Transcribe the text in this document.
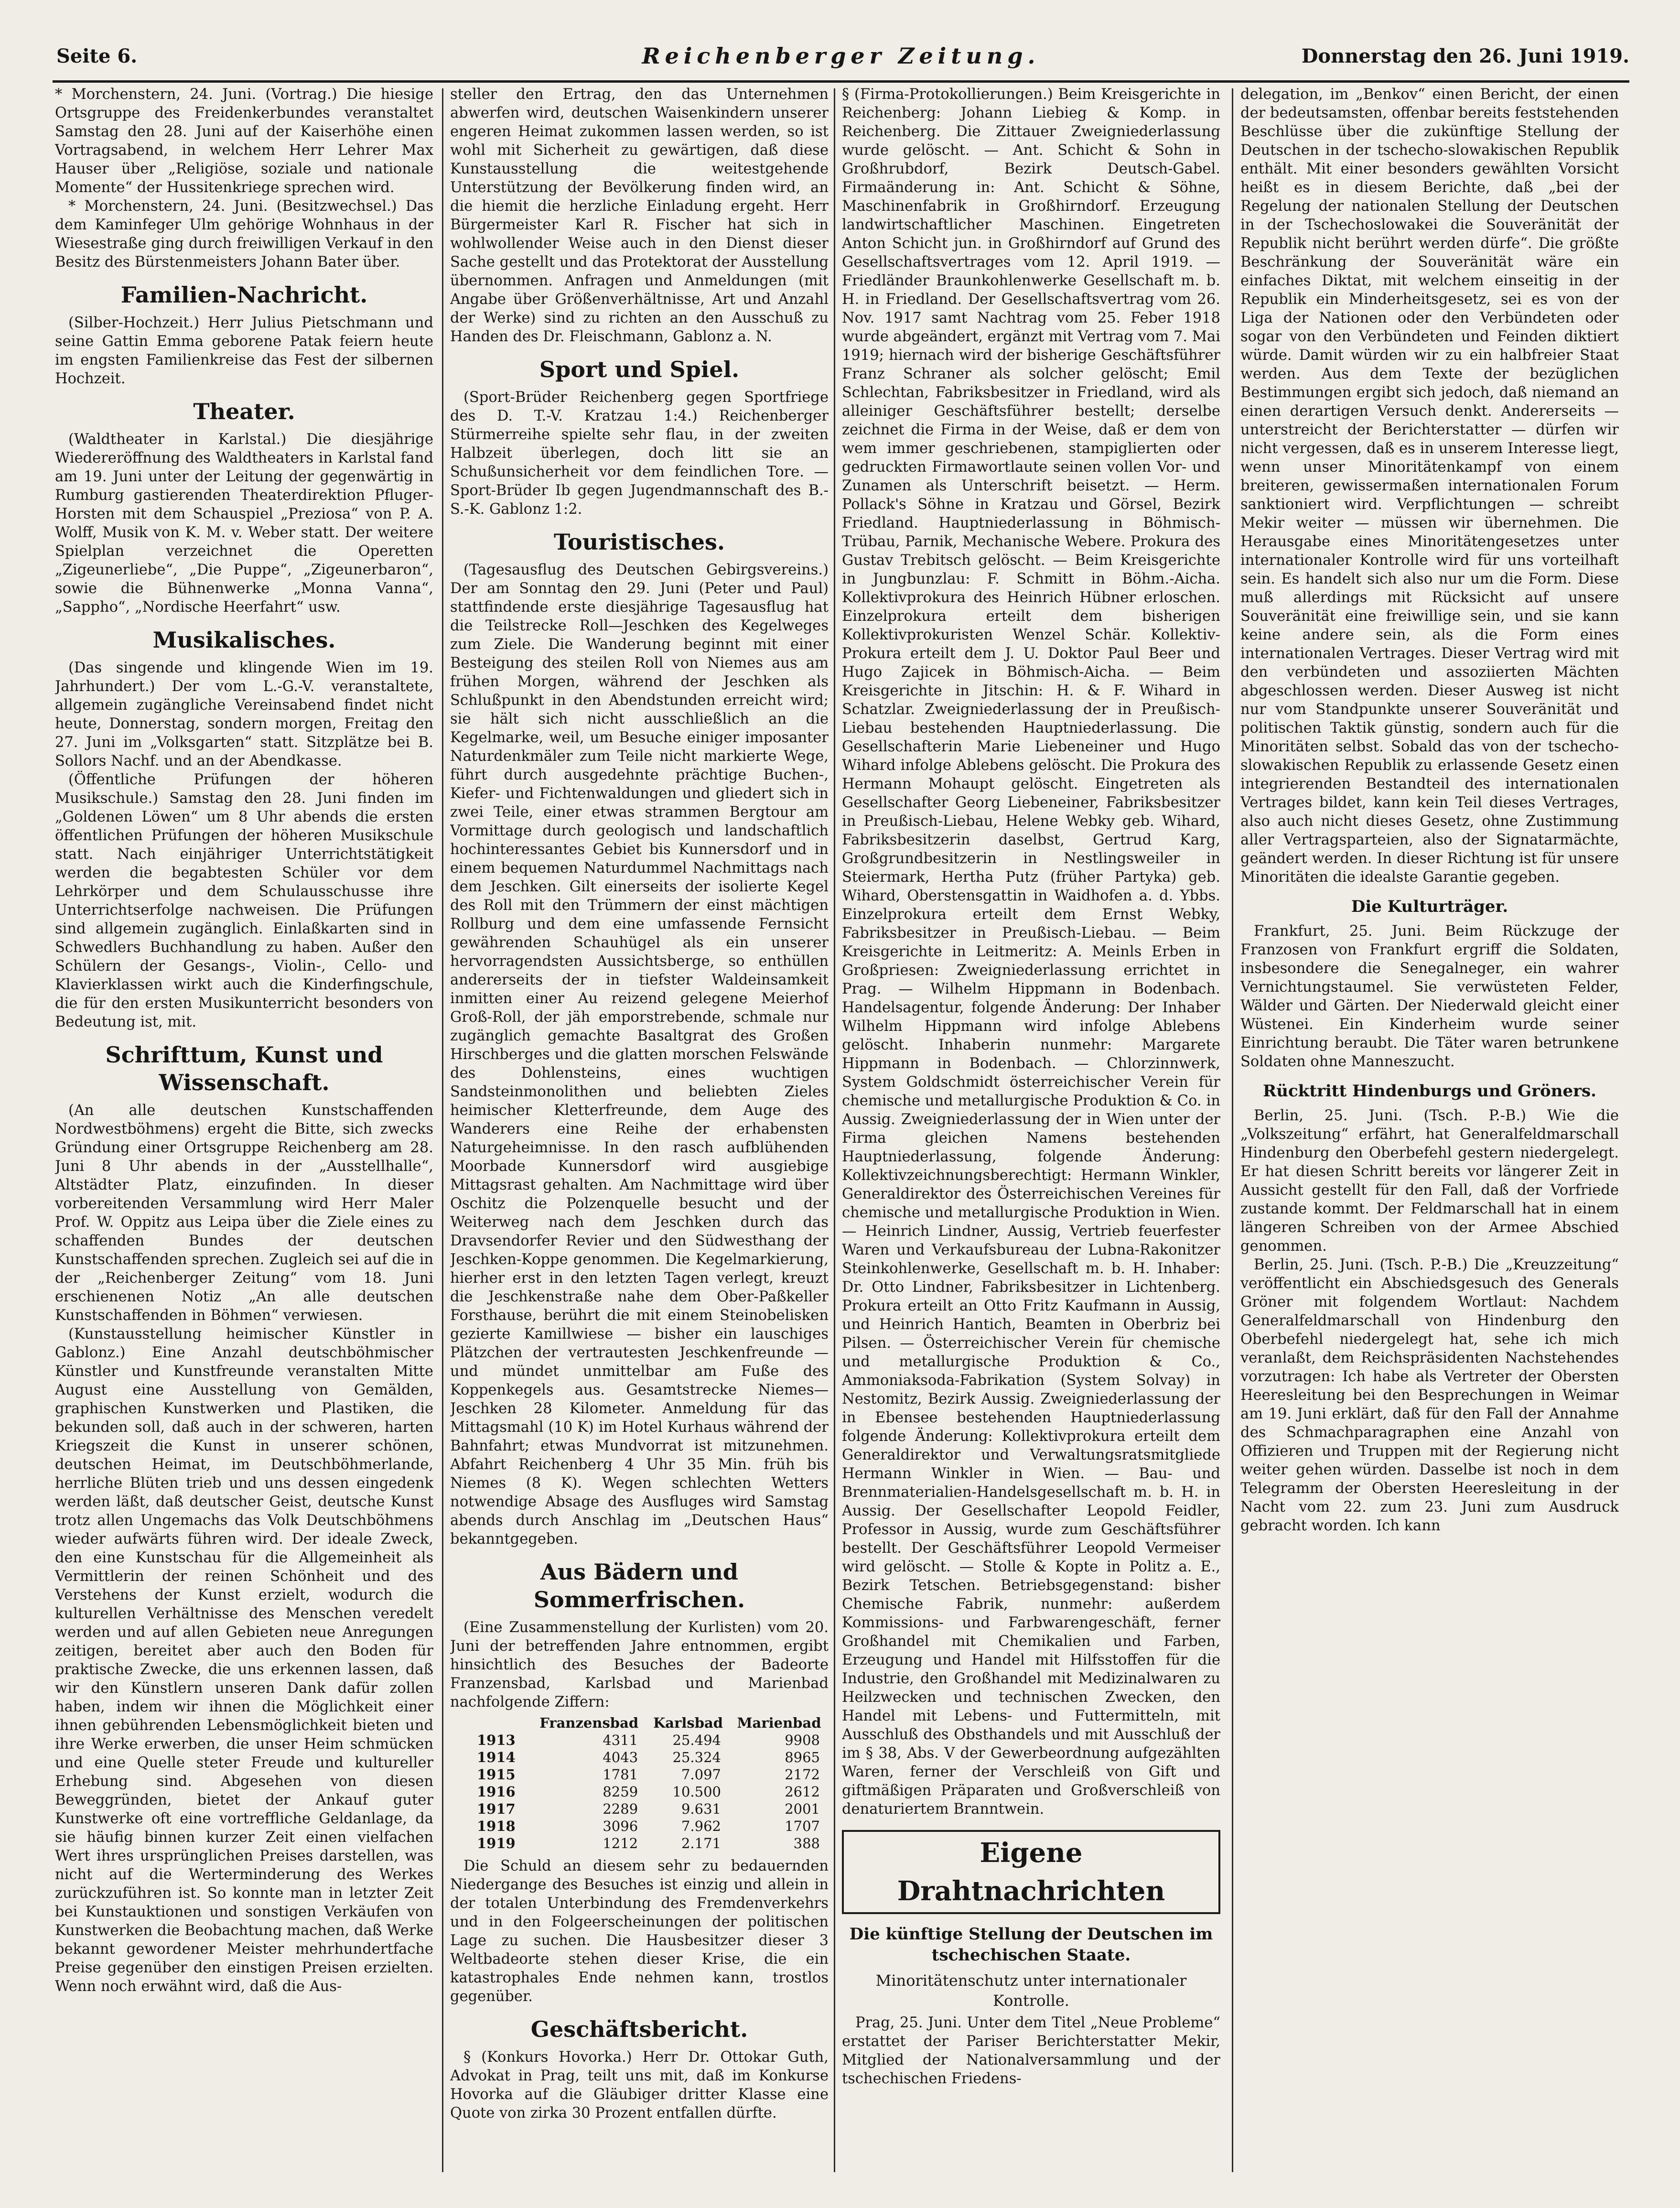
Seite 6.	Reichenberger Zeitung.	Donnerstag den 26. Juni 1919.

* Morchenstern, 24. Juni. (Vortrag.) Die hiesige Ortsgruppe des Freidenkerbundes veranstaltet Samstag den 28. Juni auf der Kaiserhöhe einen Vortragsabend, in welchem Herr Lehrer Max Hauser über „Religiöse, soziale und nationale Momente“ der Hussitenkriege sprechen wird.

* Morchenstern, 24. Juni. (Besitzwechsel.) Das dem Kaminfeger Ulm gehörige Wohnhaus in der Wiesestraße ging durch freiwilligen Verkauf in den Besitz des Bürstenmeisters Johann Bater über.

Familien-Nachricht.

(Silber-Hochzeit.) Herr Julius Pietschmann und seine Gattin Emma geborene Patak feiern heute im engsten Familienkreise das Fest der silbernen Hochzeit.

Theater.

(Waldtheater in Karlstal.) Die diesjährige Wiedereröffnung des Waldtheaters in Karlstal fand am 19. Juni unter der Leitung der gegenwärtig in Rumburg gastierenden Theaterdirektion Pfluger-Horsten mit dem Schauspiel „Preziosa“ von P. A. Wolff, Musik von K. M. v. Weber statt. Der weitere Spielplan verzeichnet die Operetten „Zigeunerliebe“, „Die Puppe“, „Zigeunerbaron“, sowie die Bühnenwerke „Monna Vanna“, „Sappho“, „Nordische Heerfahrt“ usw.

Musikalisches.

(Das singende und klingende Wien im 19. Jahrhundert.) Der vom L.-G.-V. veranstaltete, allgemein zugängliche Vereinsabend findet nicht heute, Donnerstag, sondern morgen, Freitag den 27. Juni im „Volksgarten“ statt. Sitzplätze bei B. Sollors Nachf. und an der Abendkasse.

(Öffentliche Prüfungen der höheren Musikschule.) Samstag den 28. Juni finden im „Goldenen Löwen“ um 8 Uhr abends die ersten öffentlichen Prüfungen der höheren Musikschule statt. Nach einjähriger Unterrichtstätigkeit werden die begabtesten Schüler vor dem Lehrkörper und dem Schulausschusse ihre Unterrichtserfolge nachweisen. Die Prüfungen sind allgemein zugänglich. Einlaßkarten sind in Schwedlers Buchhandlung zu haben. Außer den Schülern der Gesangs-, Violin-, Cello- und Klavierklassen wirkt auch die Kinderfingschule, die für den ersten Musikunterricht besonders von Bedeutung ist, mit.

Schrifttum, Kunst und Wissenschaft.

(An alle deutschen Kunstschaffenden Nordwestböhmens) ergeht die Bitte, sich zwecks Gründung einer Ortsgruppe Reichenberg am 28. Juni 8 Uhr abends in der „Ausstellhalle“, Altstädter Platz, einzufinden. In dieser vorbereitenden Versammlung wird Herr Maler Prof. W. Oppitz aus Leipa über die Ziele eines zu schaffenden Bundes der deutschen Kunstschaffenden sprechen. Zugleich sei auf die in der „Reichenberger Zeitung“ vom 18. Juni erschienenen Notiz „An alle deutschen Kunstschaffenden in Böhmen“ verwiesen.

(Kunstausstellung heimischer Künstler in Gablonz.) Eine Anzahl deutschböhmischer Künstler und Kunstfreunde veranstalten Mitte August eine Ausstellung von Gemälden, graphischen Kunstwerken und Plastiken, die bekunden soll, daß auch in der schweren, harten Kriegszeit die Kunst in unserer schönen, deutschen Heimat, im Deutschböhmerlande, herrliche Blüten trieb und uns dessen eingedenk werden läßt, daß deutscher Geist, deutsche Kunst trotz allen Ungemachs das Volk Deutschböhmens wieder aufwärts führen wird. Der ideale Zweck, den eine Kunstschau für die Allgemeinheit als Vermittlerin der reinen Schönheit und des Verstehens der Kunst erzielt, wodurch die kulturellen Verhältnisse des Menschen veredelt werden und auf allen Gebieten neue Anregungen zeitigen, bereitet aber auch den Boden für praktische Zwecke, die uns erkennen lassen, daß wir den Künstlern unseren Dank dafür zollen haben, indem wir ihnen die Möglichkeit einer ihnen gebührenden Lebensmöglichkeit bieten und ihre Werke erwerben, die unser Heim schmücken und eine Quelle steter Freude und kultureller Erhebung sind. Abgesehen von diesen Beweggründen, bietet der Ankauf guter Kunstwerke oft eine vortreffliche Geldanlage, da sie häufig binnen kurzer Zeit einen vielfachen Wert ihres ursprünglichen Preises darstellen, was nicht auf die Werterminderung des Werkes zurückzuführen ist. So konnte man in letzter Zeit bei Kunstauktionen und sonstigen Verkäufen von Kunstwerken die Beobachtung machen, daß Werke bekannt gewordener Meister mehrhundertfache Preise gegenüber den einstigen Preisen erzielten. Wenn noch erwähnt wird, daß die Aus-

steller den Ertrag, den das Unternehmen abwerfen wird, deutschen Waisenkindern unserer engeren Heimat zukommen lassen werden, so ist wohl mit Sicherheit zu gewärtigen, daß diese Kunstausstellung die weitestgehende Unterstützung der Bevölkerung finden wird, an die hiemit die herzliche Einladung ergeht. Herr Bürgermeister Karl R. Fischer hat sich in wohlwollender Weise auch in den Dienst dieser Sache gestellt und das Protektorat der Ausstellung übernommen. Anfragen und Anmeldungen (mit Angabe über Größenverhältnisse, Art und Anzahl der Werke) sind zu richten an den Ausschuß zu Handen des Dr. Fleischmann, Gablonz a. N.

Sport und Spiel.

(Sport-Brüder Reichenberg gegen Sportfriege des D. T.-V. Kratzau 1:4.) Reichenberger Stürmerreihe spielte sehr flau, in der zweiten Halbzeit überlegen, doch litt sie an Schußunsicherheit vor dem feindlichen Tore. — Sport-Brüder Ib gegen Jugendmannschaft des B.-S.-K. Gablonz 1:2.

Touristisches.

(Tagesausflug des Deutschen Gebirgsvereins.) Der am Sonntag den 29. Juni (Peter und Paul) stattfindende erste diesjährige Tagesausflug hat die Teilstrecke Roll—Jeschken des Kegelweges zum Ziele. Die Wanderung beginnt mit einer Besteigung des steilen Roll von Niemes aus am frühen Morgen, während der Jeschken als Schlußpunkt in den Abendstunden erreicht wird; sie hält sich nicht ausschließlich an die Kegelmarke, weil, um Besuche einiger imposanter Naturdenkmäler zum Teile nicht markierte Wege, führt durch ausgedehnte prächtige Buchen-, Kiefer- und Fichtenwaldungen und gliedert sich in zwei Teile, einer etwas strammen Bergtour am Vormittage durch geologisch und landschaftlich hochinteressantes Gebiet bis Kunnersdorf und in einem bequemen Naturdummel Nachmittags nach dem Jeschken. Gilt einerseits der isolierte Kegel des Roll mit den Trümmern der einst mächtigen Rollburg und dem eine umfassende Fernsicht gewährenden Schauhügel als ein unserer hervorragendsten Aussichtsberge, so enthüllen andererseits der in tiefster Waldeinsamkeit inmitten einer Au reizend gelegene Meierhof Groß-Roll, der jäh emporstrebende, schmale nur zugänglich gemachte Basaltgrat des Großen Hirschberges und die glatten morschen Felswände des Dohlensteins, eines wuchtigen Sandsteinmonolithen und beliebten Zieles heimischer Kletterfreunde, dem Auge des Wanderers eine Reihe der erhabensten Naturgeheimnisse. In den rasch aufblühenden Moorbade Kunnersdorf wird ausgiebige Mittagsrast gehalten. Am Nachmittage wird über Oschitz die Polzenquelle besucht und der Weiterweg nach dem Jeschken durch das Dravsendorfer Revier und den Südwesthang der Jeschken-Koppe genommen. Die Kegelmarkierung, hierher erst in den letzten Tagen verlegt, kreuzt die Jeschkenstraße nahe dem Ober-Paßkeller Forsthause, berührt die mit einem Steinobelisken gezierte Kamillwiese — bisher ein lauschiges Plätzchen der vertrautesten Jeschkenfreunde — und mündet unmittelbar am Fuße des Koppenkegels aus. Gesamtstrecke Niemes—Jeschken 28 Kilometer. Anmeldung für das Mittagsmahl (10 K) im Hotel Kurhaus während der Bahnfahrt; etwas Mundvorrat ist mitzunehmen. Abfahrt Reichenberg 4 Uhr 35 Min. früh bis Niemes (8 K). Wegen schlechten Wetters notwendige Absage des Ausfluges wird Samstag abends durch Anschlag im „Deutschen Haus“ bekanntgegeben.

Aus Bädern und Sommerfrischen.

(Eine Zusammenstellung der Kurlisten) vom 20. Juni der betreffenden Jahre entnommen, ergibt hinsichtlich des Besuches der Badeorte Franzensbad, Karlsbad und Marienbad nachfolgende Ziffern:

	Franzensbad	Karlsbad	Marienbad
1913	4311	25.494	9908
1914	4043	25.324	8965
1915	1781	7.097	2172
1916	8259	10.500	2612
1917	2289	9.631	2001
1918	3096	7.962	1707
1919	1212	2.171	388

Die Schuld an diesem sehr zu bedauernden Niedergange des Besuches ist einzig und allein in der totalen Unterbindung des Fremdenverkehrs und in den Folgeerscheinungen der politischen Lage zu suchen. Die Hausbesitzer dieser 3 Weltbadeorte stehen dieser Krise, die ein katastrophales Ende nehmen kann, trostlos gegenüber.

Geschäftsbericht.

§ (Konkurs Hovorka.) Herr Dr. Ottokar Guth, Advokat in Prag, teilt uns mit, daß im Konkurse Hovorka auf die Gläubiger dritter Klasse eine Quote von zirka 30 Prozent entfallen dürfte.

§ (Firma-Protokollierungen.) Beim Kreisgerichte in Reichenberg: Johann Liebieg & Komp. in Reichenberg. Die Zittauer Zweigniederlassung wurde gelöscht. — Ant. Schicht & Sohn in Großhrubdorf, Bezirk Deutsch-Gabel. Firmaänderung in: Ant. Schicht & Söhne, Maschinenfabrik in Großhirndorf. Erzeugung landwirtschaftlicher Maschinen. Eingetreten Anton Schicht jun. in Großhirndorf auf Grund des Gesellschaftsvertrages vom 12. April 1919. — Friedländer Braunkohlenwerke Gesellschaft m. b. H. in Friedland. Der Gesellschaftsvertrag vom 26. Nov. 1917 samt Nachtrag vom 25. Feber 1918 wurde abgeändert, ergänzt mit Vertrag vom 7. Mai 1919; hiernach wird der bisherige Geschäftsführer Franz Schraner als solcher gelöscht; Emil Schlechtan, Fabriksbesitzer in Friedland, wird als alleiniger Geschäftsführer bestellt; derselbe zeichnet die Firma in der Weise, daß er dem von wem immer geschriebenen, stampiglierten oder gedruckten Firmawortlaute seinen vollen Vor- und Zunamen als Unterschrift beisetzt. — Herm. Pollack's Söhne in Kratzau und Görsel, Bezirk Friedland. Hauptniederlassung in Böhmisch-Trübau, Parnik, Mechanische Webere. Prokura des Gustav Trebitsch gelöscht. — Beim Kreisgerichte in Jungbunzlau: F. Schmitt in Böhm.-Aicha. Kollektivprokura des Heinrich Hübner erloschen. Einzelprokura erteilt dem bisherigen Kollektivprokuristen Wenzel Schär. Kollektiv-Prokura erteilt dem J. U. Doktor Paul Beer und Hugo Zajicek in Böhmisch-Aicha. — Beim Kreisgerichte in Jitschin: H. & F. Wihard in Schatzlar. Zweigniederlassung der in Preußisch-Liebau bestehenden Hauptniederlassung. Die Gesellschafterin Marie Liebeneiner und Hugo Wihard infolge Ablebens gelöscht. Die Prokura des Hermann Mohaupt gelöscht. Eingetreten als Gesellschafter Georg Liebeneiner, Fabriksbesitzer in Preußisch-Liebau, Helene Webky geb. Wihard, Fabriksbesitzerin daselbst, Gertrud Karg, Großgrundbesitzerin in Nestlingsweiler in Steiermark, Hertha Putz (früher Partyka) geb. Wihard, Oberstensgattin in Waidhofen a. d. Ybbs. Einzelprokura erteilt dem Ernst Webky, Fabriksbesitzer in Preußisch-Liebau. — Beim Kreisgerichte in Leitmeritz: A. Meinls Erben in Großpriesen: Zweigniederlassung errichtet in Prag. — Wilhelm Hippmann in Bodenbach. Handelsagentur, folgende Änderung: Der Inhaber Wilhelm Hippmann wird infolge Ablebens gelöscht. Inhaberin nunmehr: Margarete Hippmann in Bodenbach. — Chlorzinnwerk, System Goldschmidt österreichischer Verein für chemische und metallurgische Produktion & Co. in Aussig. Zweigniederlassung der in Wien unter der Firma gleichen Namens bestehenden Hauptniederlassung, folgende Änderung: Kollektivzeichnungsberechtigt: Hermann Winkler, Generaldirektor des Österreichischen Vereines für chemische und metallurgische Produktion in Wien. — Heinrich Lindner, Aussig, Vertrieb feuerfester Waren und Verkaufsbureau der Lubna-Rakonitzer Steinkohlenwerke, Gesellschaft m. b. H. Inhaber: Dr. Otto Lindner, Fabriksbesitzer in Lichtenberg. Prokura erteilt an Otto Fritz Kaufmann in Aussig, und Heinrich Hantich, Beamten in Oberbriz bei Pilsen. — Österreichischer Verein für chemische und metallurgische Produktion & Co., Ammoniaksoda-Fabrikation (System Solvay) in Nestomitz, Bezirk Aussig. Zweigniederlassung der in Ebensee bestehenden Hauptniederlassung folgende Änderung: Kollektivprokura erteilt dem Generaldirektor und Verwaltungsratsmitgliede Hermann Winkler in Wien. — Bau- und Brennmaterialien-Handelsgesellschaft m. b. H. in Aussig. Der Gesellschafter Leopold Feidler, Professor in Aussig, wurde zum Geschäftsführer bestellt. Der Geschäftsführer Leopold Vermeiser wird gelöscht. — Stolle & Kopte in Politz a. E., Bezirk Tetschen. Betriebsgegenstand: bisher Chemische Fabrik, nunmehr: außerdem Kommissions- und Farbwarengeschäft, ferner Großhandel mit Chemikalien und Farben, Erzeugung und Handel mit Hilfsstoffen für die Industrie, den Großhandel mit Medizinalwaren zu Heilzwecken und technischen Zwecken, den Handel mit Lebens- und Futtermitteln, mit Ausschluß des Obsthandels und mit Ausschluß der im § 38, Abs. V der Gewerbeordnung aufgezählten Waren, ferner der Verschleiß von Gift und giftmäßigen Präparaten und Großverschleiß von denaturiertem Branntwein.

Eigene Drahtnachrichten
Die künftige Stellung der Deutschen im tschechischen Staate.
Minoritätenschutz unter internationaler Kontrolle.

Prag, 25. Juni. Unter dem Titel „Neue Probleme“ erstattet der Pariser Berichterstatter Mekir, Mitglied der Nationalversammlung und der tschechischen Friedens-

delegation, im „Benkov“ einen Bericht, der einen der bedeutsamsten, offenbar bereits feststehenden Beschlüsse über die zukünftige Stellung der Deutschen in der tschecho-slowakischen Republik enthält. Mit einer besonders gewählten Vorsicht heißt es in diesem Berichte, daß „bei der Regelung der nationalen Stellung der Deutschen in der Tschechoslowakei die Souveränität der Republik nicht berührt werden dürfe“. Die größte Beschränkung der Souveränität wäre ein einfaches Diktat, mit welchem einseitig in der Republik ein Minderheitsgesetz, sei es von der Liga der Nationen oder den Verbündeten oder sogar von den Verbündeten und Feinden diktiert würde. Damit würden wir zu ein halbfreier Staat werden. Aus dem Texte der bezüglichen Bestimmungen ergibt sich jedoch, daß niemand an einen derartigen Versuch denkt. Andererseits — unterstreicht der Berichterstatter — dürfen wir nicht vergessen, daß es in unserem Interesse liegt, wenn unser Minoritätenkampf von einem breiteren, gewissermaßen internationalen Forum sanktioniert wird. Verpflichtungen — schreibt Mekir weiter — müssen wir übernehmen. Die Herausgabe eines Minoritätengesetzes unter internationaler Kontrolle wird für uns vorteilhaft sein. Es handelt sich also nur um die Form. Diese muß allerdings mit Rücksicht auf unsere Souveränität eine freiwillige sein, und sie kann keine andere sein, als die Form eines internationalen Vertrages. Dieser Vertrag wird mit den verbündeten und assoziierten Mächten abgeschlossen werden. Dieser Ausweg ist nicht nur vom Standpunkte unserer Souveränität und politischen Taktik günstig, sondern auch für die Minoritäten selbst. Sobald das von der tschecho-slowakischen Republik zu erlassende Gesetz einen integrierenden Bestandteil des internationalen Vertrages bildet, kann kein Teil dieses Vertrages, also auch nicht dieses Gesetz, ohne Zustimmung aller Vertragsparteien, also der Signatarmächte, geändert werden. In dieser Richtung ist für unsere Minoritäten die idealste Garantie gegeben.

Die Kulturträger.

Frankfurt, 25. Juni. Beim Rückzuge der Franzosen von Frankfurt ergriff die Soldaten, insbesondere die Senegalneger, ein wahrer Vernichtungstaumel. Sie verwüsteten Felder, Wälder und Gärten. Der Niederwald gleicht einer Wüstenei. Ein Kinderheim wurde seiner Einrichtung beraubt. Die Täter waren betrunkene Soldaten ohne Manneszucht.

Rücktritt Hindenburgs und Gröners.

Berlin, 25. Juni. (Tsch. P.-B.) Wie die „Volkszeitung“ erfährt, hat Generalfeldmarschall Hindenburg den Oberbefehl gestern niedergelegt. Er hat diesen Schritt bereits vor längerer Zeit in Aussicht gestellt für den Fall, daß der Vorfriede zustande kommt. Der Feldmarschall hat in einem längeren Schreiben von der Armee Abschied genommen.

Berlin, 25. Juni. (Tsch. P.-B.) Die „Kreuzzeitung“ veröffentlicht ein Abschiedsgesuch des Generals Gröner mit folgendem Wortlaut: Nachdem Generalfeldmarschall von Hindenburg den Oberbefehl niedergelegt hat, sehe ich mich veranlaßt, dem Reichspräsidenten Nachstehendes vorzutragen: Ich habe als Vertreter der Obersten Heeresleitung bei den Besprechungen in Weimar am 19. Juni erklärt, daß für den Fall der Annahme des Schmachparagraphen eine Anzahl von Offizieren und Truppen mit der Regierung nicht weiter gehen würden. Dasselbe ist noch in dem Telegramm der Obersten Heeresleitung in der Nacht vom 22. zum 23. Juni zum Ausdruck gebracht worden. Ich kann
